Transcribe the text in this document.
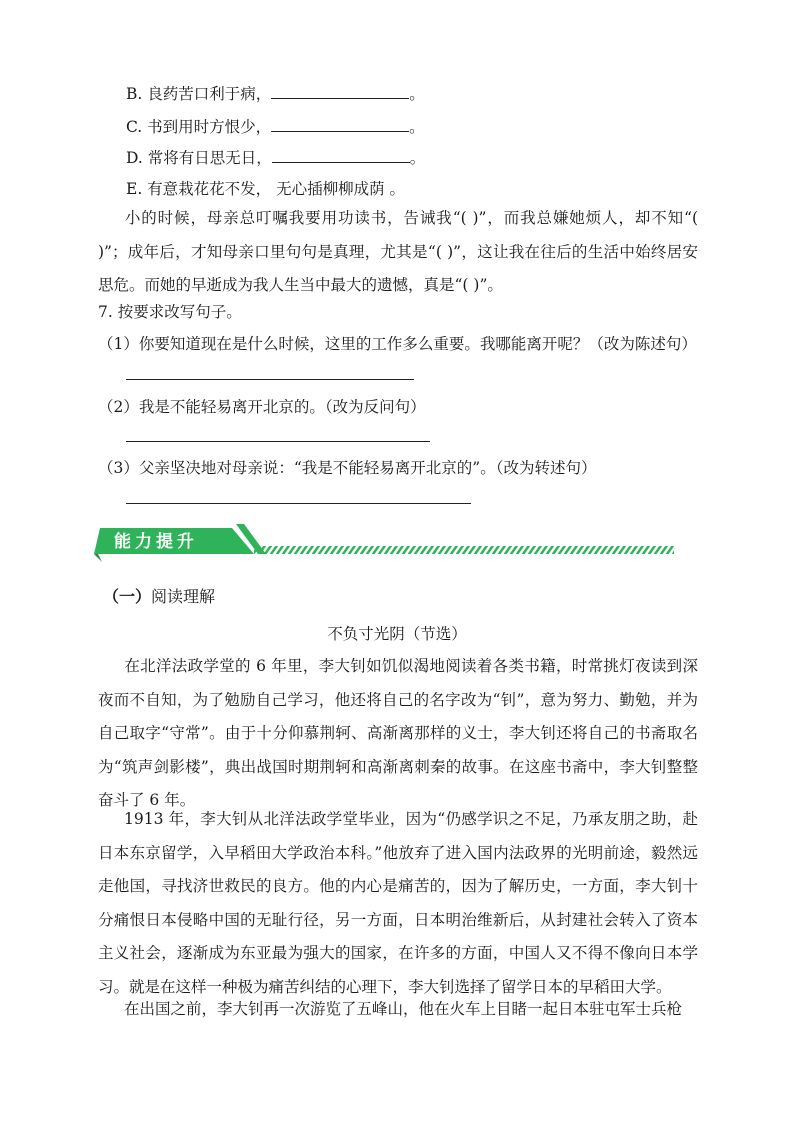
B. 良药苦口利于病，	。
C. 书到用时方恨少，	。
D. 常将有日思无日，	。
E. 有意栽花花不发， 无心插柳柳成荫 。
小的时候，母亲总叮嘱我要用功读书，告诫我“( )”，而我总嫌她烦人，却不知“( )”；成年后，才知母亲口里句句是真理，尤其是“( )”，这让我在往后的生活中始终居安思危。而她的早逝成为我人生当中最大的遗憾，真是“( )”。
7. 按要求改写句子。
（1）你要知道现在是什么时候，这里的工作多么重要。我哪能离开呢？（改为陈述句）
（2）我是不能轻易离开北京的。（改为反问句）
（3）父亲坚决地对母亲说：“我是不能轻易离开北京的”。（改为转述句）
能力提升
（一）阅读理解
不负寸光阴（节选）
在北洋法政学堂的 6 年里，李大钊如饥似渴地阅读着各类书籍，时常挑灯夜读到深夜而不自知，为了勉励自己学习，他还将自己的名字改为“钊”，意为努力、勤勉，并为自己取字“守常”。由于十分仰慕荆轲、高渐离那样的义士，李大钊还将自己的书斋取名为“筑声剑影楼”，典出战国时期荆轲和高渐离刺秦的故事。在这座书斋中，李大钊整整奋斗了 6 年。
1913 年，李大钊从北洋法政学堂毕业，因为“仍感学识之不足，乃承友朋之助，赴日本东京留学，入早稻田大学政治本科。”他放弃了进入国内法政界的光明前途，毅然远走他国，寻找济世救民的良方。他的内心是痛苦的，因为了解历史，一方面，李大钊十分痛恨日本侵略中国的无耻行径，另一方面，日本明治维新后，从封建社会转入了资本主义社会，逐渐成为东亚最为强大的国家，在许多的方面，中国人又不得不像向日本学习。就是在这样一种极为痛苦纠结的心理下，李大钊选择了留学日本的早稻田大学。
在出国之前，李大钊再一次游览了五峰山，他在火车上目睹一起日本驻屯军士兵枪
